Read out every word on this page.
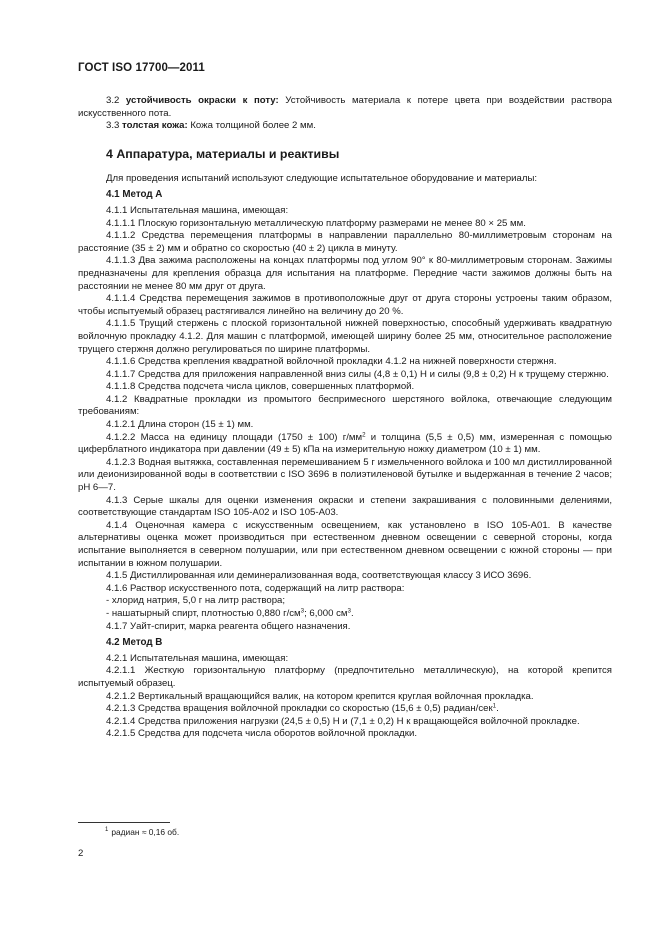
ГОСТ ISO 17700—2011

3.2 устойчивость окраски к поту: Устойчивость материала к потере цвета при воздействии раствора искусственного пота.

3.3 толстая кожа: Кожа толщиной более 2 мм.

4 Аппаратура, материалы и реактивы

Для проведения испытаний используют следующие испытательное оборудование и материалы:

4.1 Метод А

4.1.1 Испытательная машина, имеющая:

4.1.1.1 Плоскую горизонтальную металлическую платформу размерами не менее 80 × 25 мм.

4.1.1.2 Средства перемещения платформы в направлении параллельно 80-миллиметровым сторонам на расстояние (35 ± 2) мм и обратно со скоростью (40 ± 2) цикла в минуту.

4.1.1.3 Два зажима расположены на концах платформы под углом 90° к 80-миллиметровым сторонам. Зажимы предназначены для крепления образца для испытания на платформе. Передние части зажимов должны быть на расстоянии не менее 80 мм друг от друга.

4.1.1.4 Средства перемещения зажимов в противоположные друг от друга стороны устроены таким образом, чтобы испытуемый образец растягивался линейно на величину до 20 %.

4.1.1.5 Трущий стержень с плоской горизонтальной нижней поверхностью, способный удерживать квадратную войлочную прокладку 4.1.2. Для машин с платформой, имеющей ширину более 25 мм, относительное расположение трущего стержня должно регулироваться по ширине платформы.

4.1.1.6 Средства крепления квадратной войлочной прокладки 4.1.2 на нижней поверхности стержня.

4.1.1.7 Средства для приложения направленной вниз силы (4,8 ± 0,1) Н и силы (9,8 ± 0,2) Н к трущему стержню.

4.1.1.8 Средства подсчета числа циклов, совершенных платформой.

4.1.2 Квадратные прокладки из промытого беспримесного шерстяного войлока, отвечающие следующим требованиям:

4.1.2.1 Длина сторон (15 ± 1) мм.

4.1.2.2 Масса на единицу площади (1750 ± 100) $г/мм^2$ и толщина (5,5 ± 0,5) мм, измеренная с помощью циферблатного индикатора при давлении (49 ± 5) кПа на измерительную ножку диаметром (10 ± 1) мм.

4.1.2.3 Водная вытяжка, составленная перемешиванием 5 г измельченного войлока и 100 мл дистиллированной или деионизированной воды в соответствии с ISO 3696 в полиэтиленовой бутылке и выдержанная в течение 2 часов; рН 6—7.

4.1.3 Серые шкалы для оценки изменения окраски и степени закрашивания с половинными делениями, соответствующие стандартам ISO 105-A02 и ISO 105-A03.

4.1.4 Оценочная камера с искусственным освещением, как установлено в ISO 105-A01. В качестве альтернативы оценка может производиться при естественном дневном освещении с северной стороны, когда испытание выполняется в северном полушарии, или при естественном дневном освещении с южной стороны — при испытании в южном полушарии.

4.1.5 Дистиллированная или деминерализованная вода, соответствующая классу 3 ИСО 3696.

4.1.6 Раствор искусственного пота, содержащий на литр раствора:

- хлорид натрия, 5,0 г на литр раствора;

- нашатырный спирт, плотностью 0,880 $г/см^3$; 6,000 $см^3$.

4.1.7 Уайт-спирит, марка реагента общего назначения.

4.2 Метод В

4.2.1 Испытательная машина, имеющая:

4.2.1.1 Жесткую горизонтальную платформу (предпочтительно металлическую), на которой крепится испытуемый образец.

4.2.1.2 Вертикальный вращающийся валик, на котором крепится круглая войлочная прокладка.

4.2.1.3 Средства вращения войлочной прокладки со скоростью (15,6 ± 0,5) радиан/сек$^1$.

4.2.1.4 Средства приложения нагрузки (24,5 ± 0,5) Н и (7,1 ± 0,2) Н к вращающейся войлочной прокладке.

4.2.1.5 Средства для подсчета числа оборотов войлочной прокладки.

$^1$ радиан ≈ 0,16 об.
2
